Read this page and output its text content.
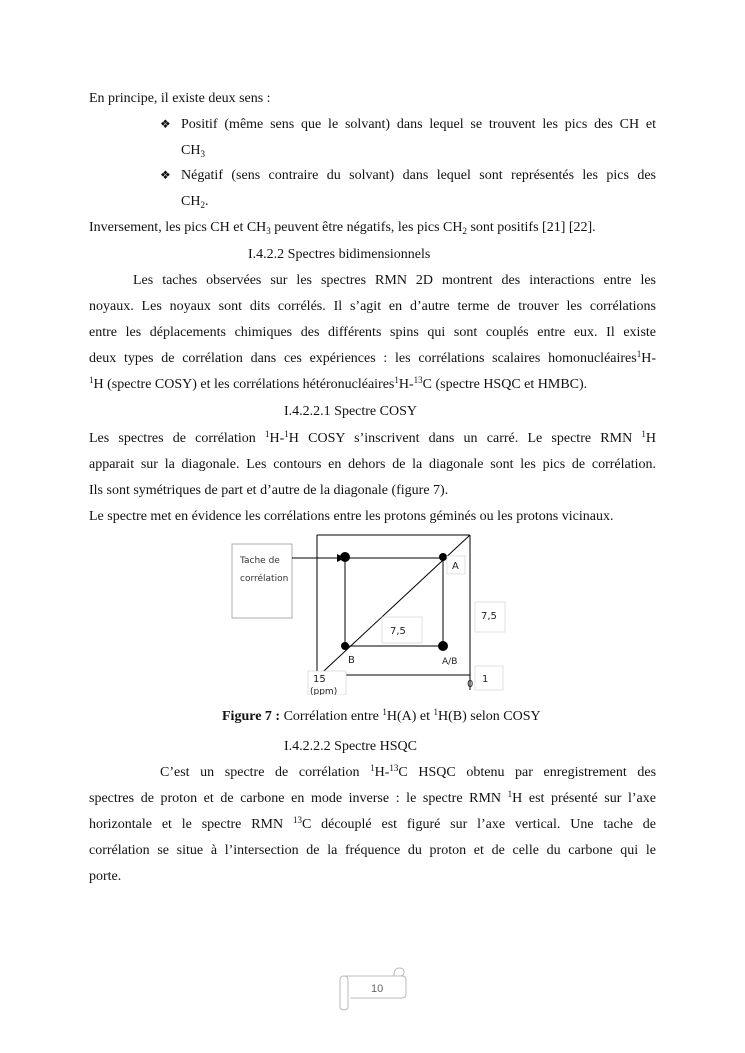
En principe, il existe deux sens :
❖ Positif (même sens que le solvant) dans lequel se trouvent les pics des CH et
$CH_3$
❖ Négatif (sens contraire du solvant) dans lequel sont représentés les pics des
$CH_2$.
Inversement, les pics CH et $CH_3$ peuvent être négatifs, les pics $CH_2$ sont positifs [21] [22].
I.4.2.2 Spectres bidimensionnels
Les taches observées sur les spectres RMN 2D montrent des interactions entre les
noyaux. Les noyaux sont dits corrélés. Il s’agit en d’autre terme de trouver les corrélations
entre les déplacements chimiques des différents spins qui sont couplés entre eux. Il existe
deux types de corrélation dans ces expériences : les corrélations scalaires homonucléaires$^1$H-
$^1$H (spectre COSY) et les corrélations hétéronucléaires$^1$H-$^{13}$C (spectre HSQC et HMBC).
I.4.2.2.1 Spectre COSY
Les spectres de corrélation $^1$H-$^1$H COSY s’inscrivent dans un carré. Le spectre RMN $^1$H
apparait sur la diagonale. Les contours en dehors de la diagonale sont les pics de corrélation.
Ils sont symétriques de part et d’autre de la diagonale (figure 7).
Le spectre met en évidence les corrélations entre les protons géminés ou les protons vicinaux.
Tache de
corrélation
A
B	A/B
7,5
7,5
15
(ppm)
0 1
Figure 7 : Corrélation entre $^1$H(A) et $^1$H(B) selon COSY
I.4.2.2.2 Spectre HSQC
C’est un spectre de corrélation $^1$H-$^{13}$C HSQC obtenu par enregistrement des
spectres de proton et de carbone en mode inverse : le spectre RMN $^1$H est présenté sur l’axe
horizontale et le spectre RMN $^{13}$C découplé est figuré sur l’axe vertical. Une tache de
corrélation se situe à l’intersection de la fréquence du proton et de celle du carbone qui le
porte.
10
